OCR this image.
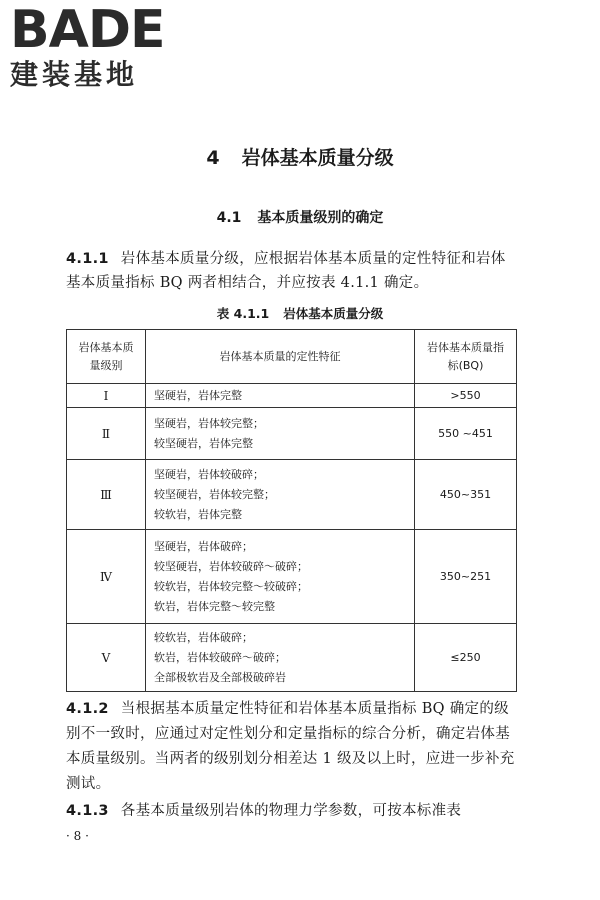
BADE
建装基地
4 岩体基本质量分级
4.1 基本质量级别的确定
4.1.1 岩体基本质量分级，应根据岩体基本质量的定性特征和岩体基本质量指标 BQ 两者相结合，并应按表 4.1.1 确定。
表 4.1.1 岩体基本质量分级
岩体基本质量级别	岩体基本质量的定性特征	岩体基本质量指标(BQ)
Ⅰ	坚硬岩，岩体完整	>550
Ⅱ	坚硬岩，岩体较完整；
较坚硬岩，岩体完整	550 ~451
Ⅲ	坚硬岩，岩体较破碎；
较坚硬岩，岩体较完整；
较软岩，岩体完整	450~351
Ⅳ	坚硬岩，岩体破碎；
较坚硬岩，岩体较破碎～破碎；
较软岩，岩体较完整～较破碎；
软岩，岩体完整～较完整	350~251
Ⅴ	较软岩，岩体破碎；
软岩，岩体较破碎～破碎；
全部极软岩及全部极破碎岩	≤250
4.1.2 当根据基本质量定性特征和岩体基本质量指标 BQ 确定的级别不一致时，应通过对定性划分和定量指标的综合分析，确定岩体基本质量级别。当两者的级别划分相差达 1 级及以上时，应进一步补充测试。
4.1.3 各基本质量级别岩体的物理力学参数，可按本标准表
· 8 ·
